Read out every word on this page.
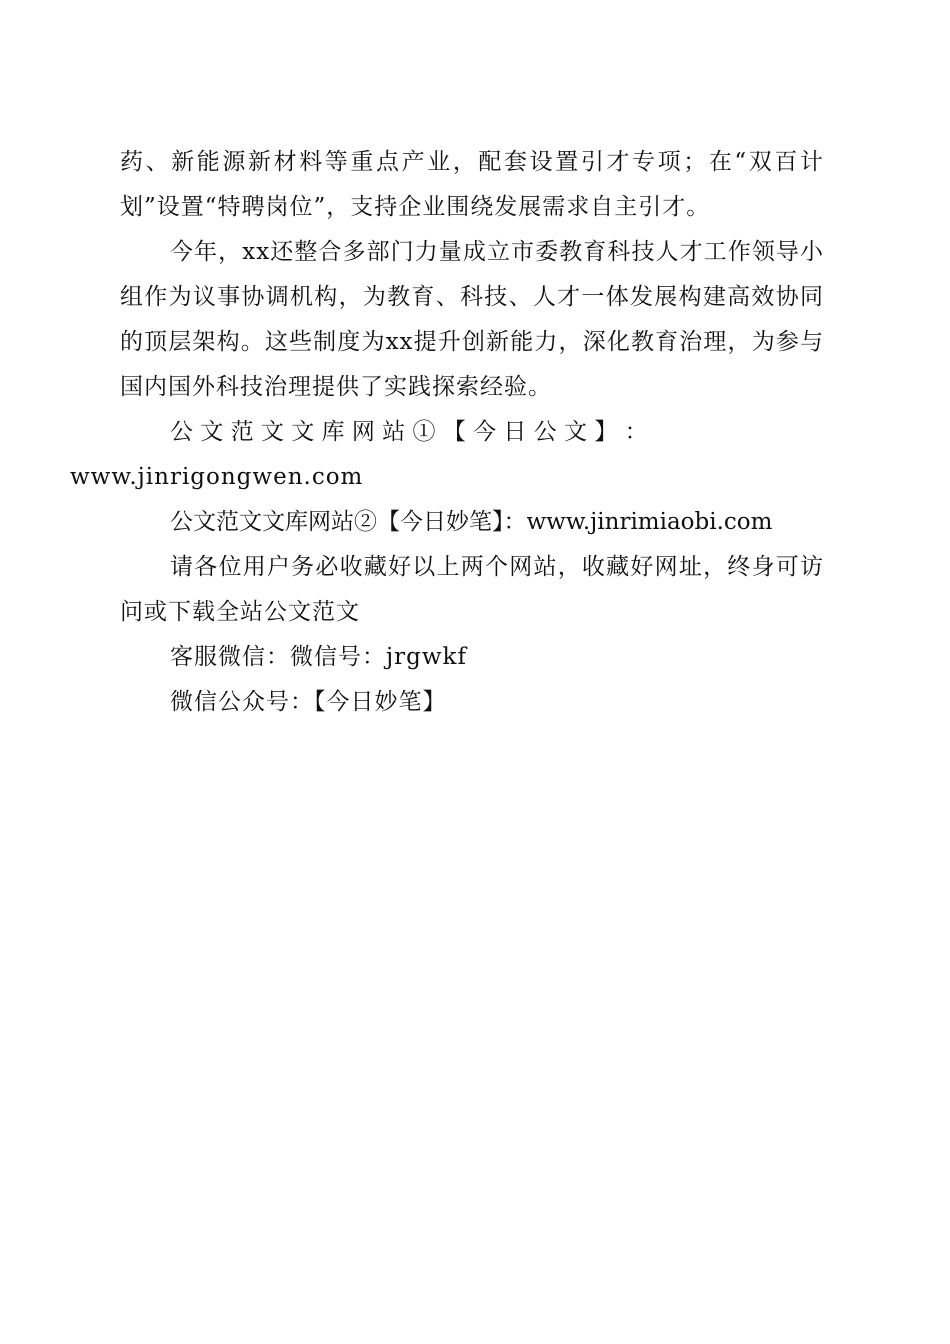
药、新能源新材料等重点产业，配套设置引才专项；在“双百计划”设置“特聘岗位”，支持企业围绕发展需求自主引才。

今年，xx还整合多部门力量成立市委教育科技人才工作领导小组作为议事协调机构，为教育、科技、人才一体发展构建高效协同的顶层架构。这些制度为xx提升创新能力，深化教育治理，为参与国内国外科技治理提供了实践探索经验。

公 文 范 文 文 库 网 站 ① 【 今 日 公 文 】 ：
www.jinrigongwen.com

公文范文文库网站②【今日妙笔】：www.jinrimiaobi.com

请各位用户务必收藏好以上两个网站，收藏好网址，终身可访问或下载全站公文范文

客服微信：微信号：jrgwkf

微信公众号：【今日妙笔】
